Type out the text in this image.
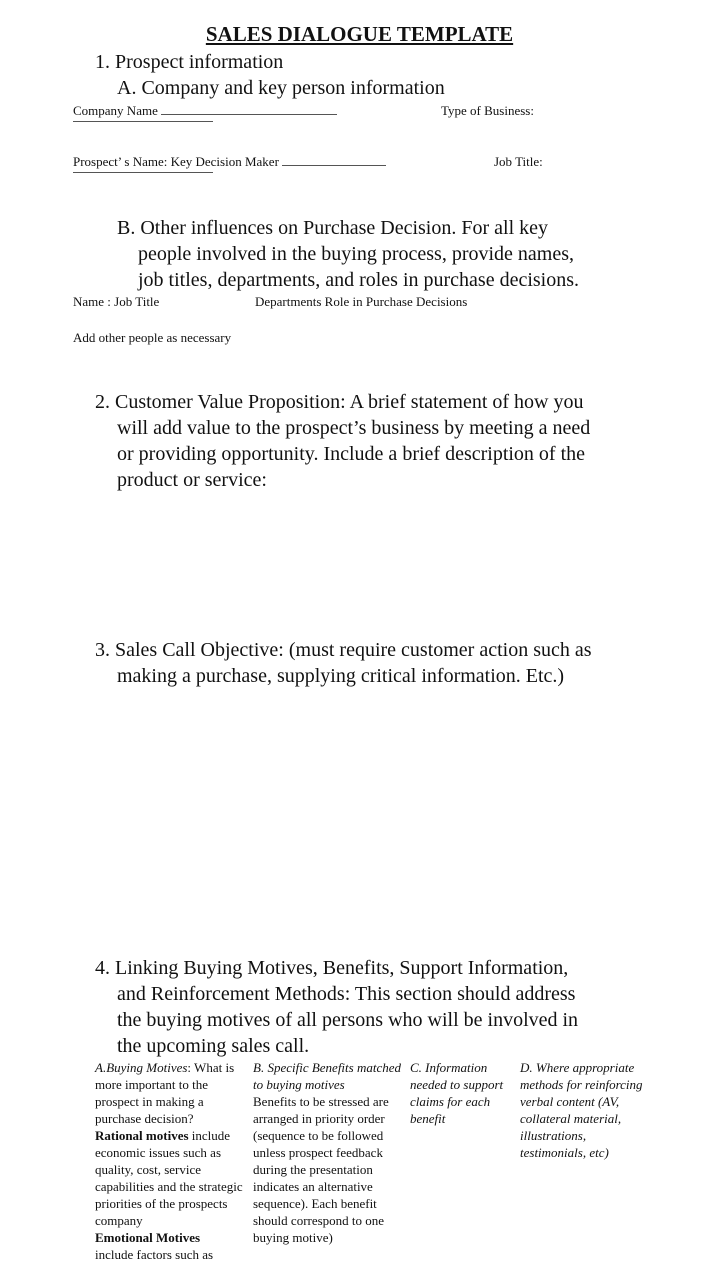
SALES DIALOGUE TEMPLATE
1. Prospect information
A. Company and key person information
Company Name	Type of Business:
Prospect’ s Name: Key Decision Maker	Job Title:
B. Other influences on Purchase Decision. For all key
people involved in the buying process, provide names,
job titles, departments, and roles in purchase decisions.
Name : Job Title	Departments Role in Purchase Decisions
Add other people as necessary
2. Customer Value Proposition: A brief statement of how you
will add value to the prospect’s business by meeting a need
or providing opportunity. Include a brief description of the
product or service:
3. Sales Call Objective: (must require customer action such as
making a purchase, supplying critical information. Etc.)
4. Linking Buying Motives, Benefits, Support Information,
and Reinforcement Methods: This section should address
the buying motives of all persons who will be involved in
the upcoming sales call.
A.Buying Motives: What is more important to the prospect in making a purchase decision?
Rational motives include economic issues such as quality, cost, service capabilities and the strategic priorities of the prospects company
Emotional Motives
include factors such as
B. Specific Benefits matched to buying motives
Benefits to be stressed are arranged in priority order (sequence to be followed unless prospect feedback during the presentation indicates an alternative sequence). Each benefit should correspond to one buying motive)
C. Information needed to support claims for each benefit
D. Where appropriate methods for reinforcing verbal content (AV, collateral material, illustrations, testimonials, etc)
